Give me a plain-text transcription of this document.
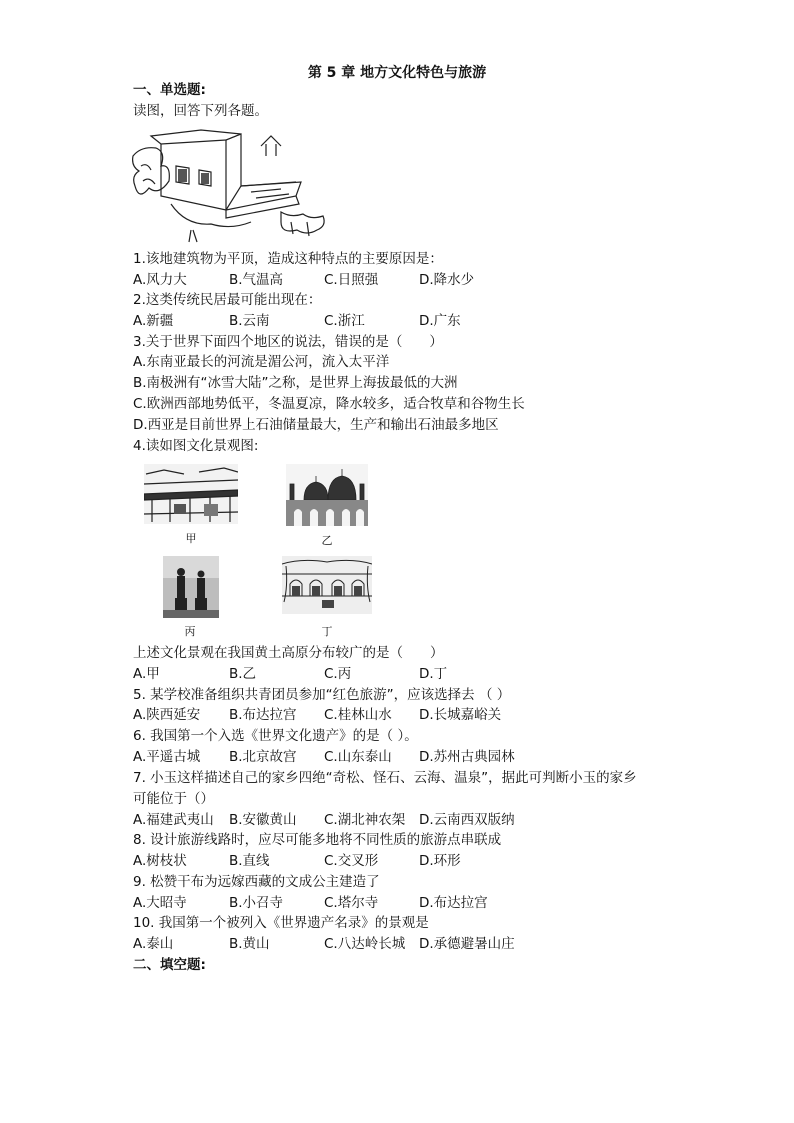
第 5 章 地方文化特色与旅游
一、单选题:
读图，回答下列各题。
1.该地建筑物为平顶，造成这种特点的主要原因是：
A.风力大	B.气温高	C.日照强	D.降水少
2.这类传统民居最可能出现在：
A.新疆	B.云南	C.浙江	D.广东
3.关于世界下面四个地区的说法，错误的是（　　）
A.东南亚最长的河流是湄公河，流入太平洋
B.南极洲有“冰雪大陆”之称，是世界上海拔最低的大洲
C.欧洲西部地势低平，冬温夏凉，降水较多，适合牧草和谷物生长
D.西亚是目前世界上石油储量最大，生产和输出石油最多地区
4.读如图文化景观图:
甲	乙
丙	丁
上述文化景观在我国黄土高原分布较广的是（　　）
A.甲	B.乙	C.丙	D.丁
5. 某学校准备组织共青团员参加“红色旅游”，应该选择去 （ ）
A.陕西延安 B.布达拉宫 C.桂林山水 D.长城嘉峪关
6. 我国第一个入选《世界文化遗产》的是（ ）。
A.平遥古城 B.北京故宫 C.山东泰山 D.苏州古典园林
7. 小玉这样描述自己的家乡四绝“奇松、怪石、云海、温泉”，据此可判断小玉的家乡
可能位于（）
A.福建武夷山 B.安徽黄山 C.湖北神农架 D.云南西双版纳
8. 设计旅游线路时，应尽可能多地将不同性质的旅游点串联成
A.树枝状	B.直线	C.交叉形	D.环形
9. 松赞干布为远嫁西藏的文成公主建造了
A.大昭寺	B.小召寺	C.塔尔寺	D.布达拉宫
10. 我国第一个被列入《世界遗产名录》的景观是
A.泰山	B.黄山	C.八达岭长城 D.承德避暑山庄
二、填空题:
